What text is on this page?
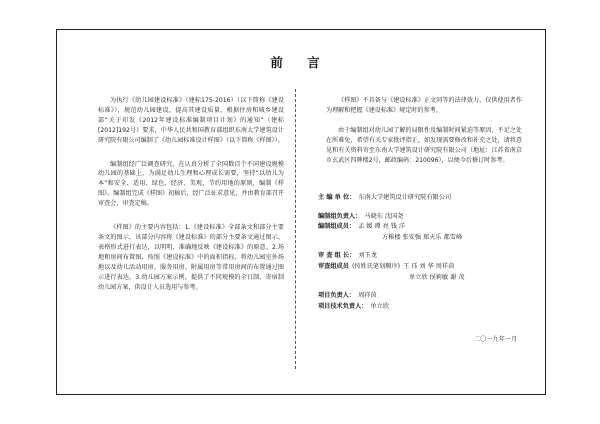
前 言

为执行《幼儿园建设标准》（建标175-2016）（以下简称《建设标准》），规范幼儿园建设，提高其建设质量，根据住房和城乡建设部“关于印发《2012年建设标准编制项目计划》的通知”（建标[2012]192号）要求，中华人民共和国教育部组织东南大学建筑设计研究院有限公司编制了《幼儿园标准设计样图》（以下简称《样图》）。

编制组经广泛调查研究，在认真分析了全国数百个不同建设规模幼儿园的基础上，为满足幼儿生理和心理成长需要，坚持“以幼儿为本”和安全、适用、绿色、经济、美观，节约用地的原则，编制《样图》。编制组完成《样图》初稿后，经广泛征求意见，并由教育部召开审查会，审查定稿。

《样图》的主要内容包括：1.《建设标准》全部条文和部分主要条文的图示，该部分内容将《建设标准》的部分主要条文通过图示、表格形式进行表达，以明明、准确地反映《建设标准》的原意。2.场地和房间布置图，按照《建设标准》中的面积指标，将幼儿园室外场地以及幼儿活动用房、服务用房、附属用房等常用房间的布置通过图示进行表达。3.幼儿园方案示例，提供了不同规模的全日制、寄宿制幼儿园方案，供设计人员选用与参考。

《样图》不具备与《建设标准》正文同等的法律效力，仅供使用者作为理解和把握《建设标准》规定时的参考。

由于编制组对幼儿园了解的局限性及编制时间紧迫等原因，不足之处在所难免，希望有关专家批评指正，如发现需要修改和补充之处，请将意见和有关资料寄至东南大学建筑设计研究院有限公司（地址：江苏省南京市玄武区四牌楼2号，邮政编码：210096），以便今后修订时参考。

主 编 单 位： 东南大学建筑设计研究院有限公司
编制组负责人： 马晓东 沈国尧
编制组成员： 孟 媛 谭 亮 钱 洋
方椿楼 张安强 郑天乐 都雪峰
审 查 组 长： 刘玉龙
审查组成员 (按姓氏笔划顺序) 王 珏 刘 华 周祥茵
单立欣 侯莉敏 谢 茂
项目负责人： 周祥茵
项目技术负责人： 单立欣
二〇一九年一月
